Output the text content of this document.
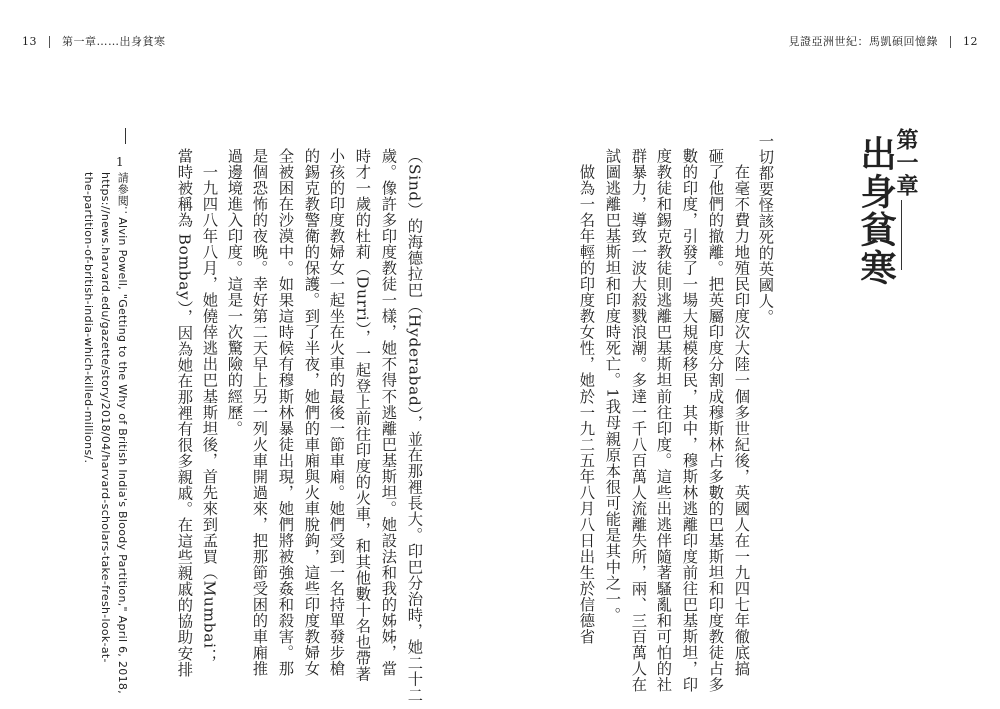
13 第一章……出身貧寒	見證亞洲世紀：馬凱碩回憶錄 12
第一章
出身貧寒
一切都要怪該死的英國人。
　在毫不費力地殖民印度次大陸一個多世紀後，英國人在一九四七年徹底搞
砸了他們的撤離。把英屬印度分割成穆斯林占多數的巴基斯坦和印度教徒占多
數的印度，引發了一場大規模移民，其中，穆斯林逃離印度前往巴基斯坦，印
度教徒和錫克教徒則逃離巴基斯坦前往印度。這些出逃伴隨著騷亂和可怕的社
群暴力，導致一波大殺戮浪潮。多達一千八百萬人流離失所，兩、三百萬人在
試圖逃離巴基斯坦和印度時死亡。1我母親原本很可能是其中之一。
　做為一名年輕的印度教女性，她於一九二五年八月八日出生於信德省
（Sind）的海德拉巴（Hyderabad），並在那裡長大。印巴分治時，她二十二
歲。像許多印度教徒一樣，她不得不逃離巴基斯坦。她設法和我的姊姊，當
時才一歲的杜莉（Durri），一起登上前往印度的火車，和其他數十名也帶著
小孩的印度教婦女一起坐在火車的最後一節車廂。她們受到一名持單發步槍
的錫克教警衛的保護。到了半夜，她們的車廂與火車脫鉤，這些印度教婦女
全被困在沙漠中。如果這時候有穆斯林暴徒出現，她們將被強姦和殺害。那
是個恐怖的夜晚。幸好第二天早上另一列火車開過來，把那節受困的車廂推
過邊境進入印度。這是一次驚險的經歷。
　一九四八年八月，她僥倖逃出巴基斯坦後，首先來到孟買（Mumbai；
當時被稱為 Bombay），因為她在那裡有很多親戚。在這些親戚的協助安排
1
請參閱：Alvin Powell, "Getting to the Why of British India's Bloody Partition," April 6, 2018,
https://news.harvard.edu/gazette/story/2018/04/harvard-scholars-take-fresh-look-at-
the-partition-of-british-india-which-killed-millions/.
